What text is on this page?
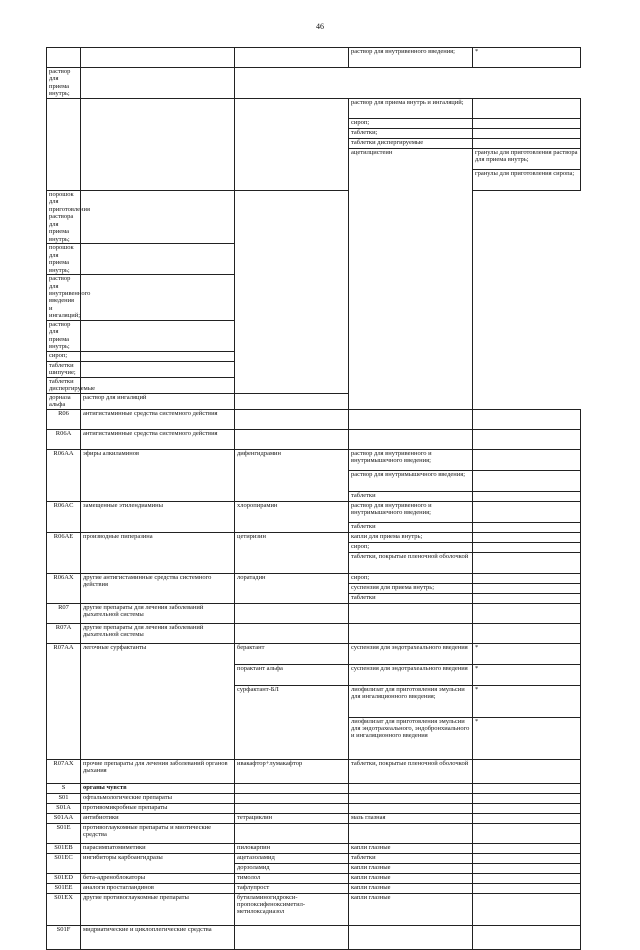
46
			раствор для внутривенного введения;	*	
раствор для приема внутрь;					
			раствор для приема внутрь и ингаляций;		
			сироп;		
			таблетки;		
			таблетки диспергируемые		
			ацетилцистеин	гранулы для приготовления раствора для приема внутрь;	
				гранулы для приготовления сиропа;	
порошок для приготовления раствора для приема внутрь;					
порошок для приема внутрь;					
раствор для внутривенного введения и ингаляций;					
раствор для приема внутрь;					
сироп;					
таблетки шипучие;					
таблетки диспергируемые					
дорназа альфа	раствор для ингаляций				
R06	антигистаминные средства системного действия				
R06A	антигистаминные средства системного действия				
R06AA	эфиры алкиламинов	дифенгидрамин	раствор для внутривенного и внутримышечного введения;		
			раствор для внутримышечного введения;		
			таблетки		
R06AC	замещенные этилендиамины	хлоропирамин	раствор для внутривенного и внутримышечного введения;		
			таблетки		
R06AE	производные пиперазина	цетиризин	капли для приема внутрь;		
			сироп;		
			таблетки, покрытые пленочной оболочкой		
R06AX	другие антигистаминные средства системного действия	лоратадин	сироп;		
			суспензия для приема внутрь;		
			таблетки		
R07	другие препараты для лечения заболеваний дыхательной системы				
R07A	другие препараты для лечения заболеваний дыхательной системы				
R07AA	легочные сурфактанты	берактант	суспензия для эндотрахеального введения	*	
		порактант альфа	суспензия для эндотрахеального введения	*	
		сурфактант-БЛ	лиофилизат для приготовления эмульсии для ингаляционного введения;	*	
			лиофилизат для приготовления эмульсии для эндотрахеального, эндобронхиального и ингаляционного введения	*	
R07AX	прочие препараты для лечения заболеваний органов дыхания	ивакафтор+лумакафтор	таблетки, покрытые пленочной оболочкой		
S	органы чувств				
S01	офтальмологические препараты				
S01A	противомикробные препараты				
S01AA	антибиотики	тетрациклин	мазь глазная		
S01E	противоглаукомные препараты и миотические средства				
S01EB	парасимпатомиметики	пилокарпин	капли глазные		
S01EC	ингибиторы карбоангидразы	ацетазоламид	таблетки		
		дорзоламид	капли глазные		
S01ED	бета-адреноблокаторы	тимолол	капли глазные		
S01EE	аналоги простагландинов	тафлупрост	капли глазные		
S01EX	другие противоглаукомные препараты	бутиламиногидрокси-пропоксифеноксиметил-метилоксадиазол	капли глазные		
S01F	мидриатические и циклоплегические средства				
